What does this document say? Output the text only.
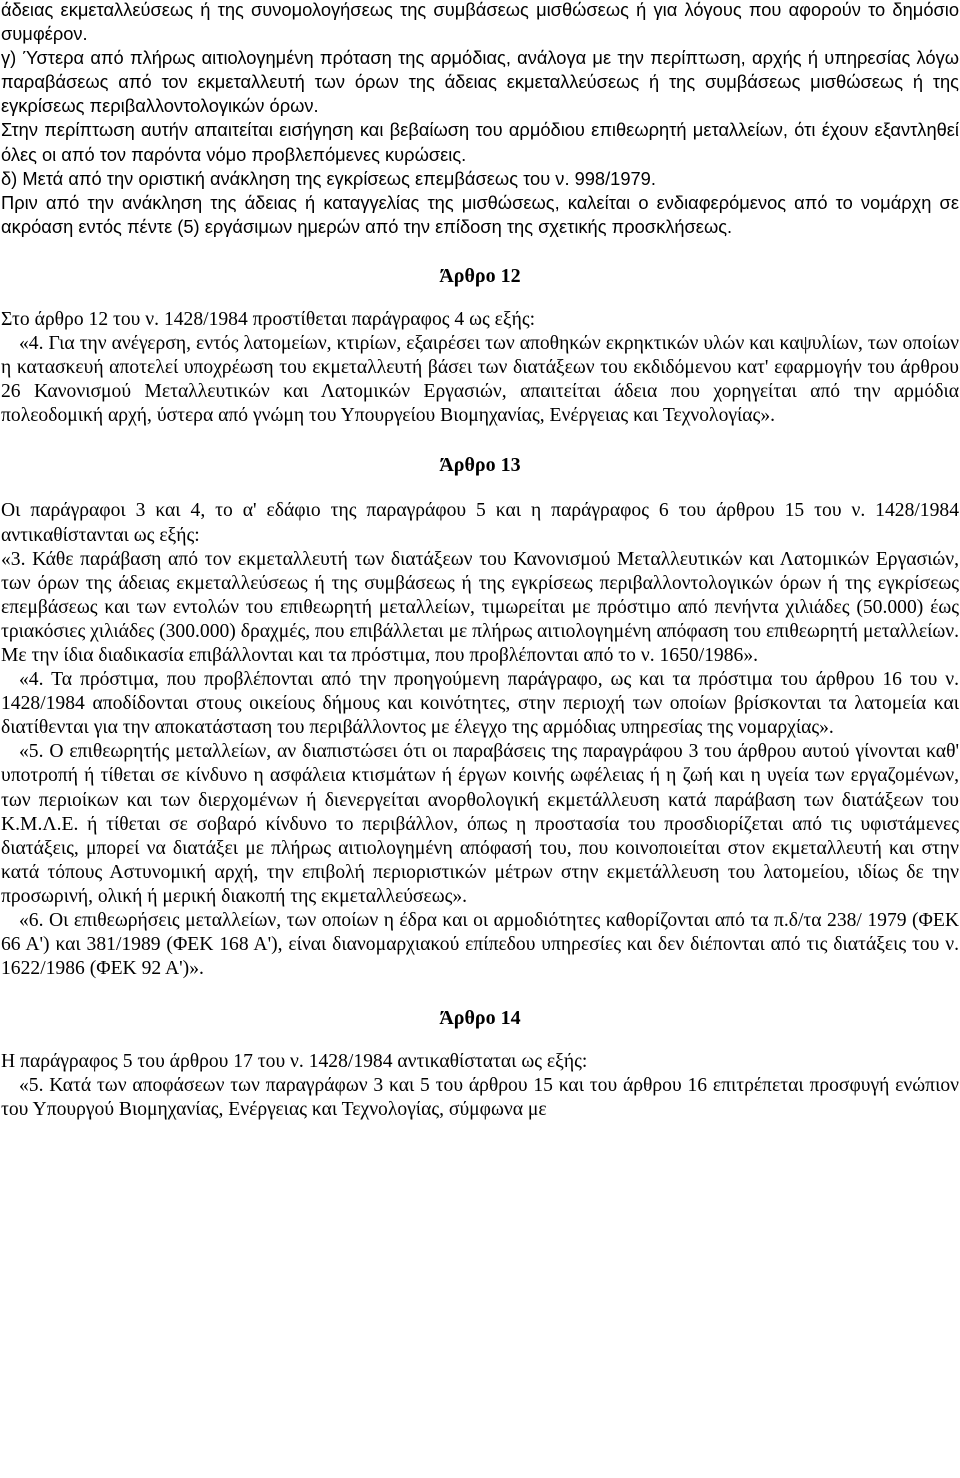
άδειας εκμεταλλεύσεως ή της συνομολογήσεως της συμβάσεως μισθώσεως ή για λόγους που αφορούν το δημόσιο συμφέρον.

γ) Ύστερα από πλήρως αιτιολογημένη πρόταση της αρμόδιας, ανάλογα με την περίπτωση, αρχής ή υπηρεσίας λόγω παραβάσεως από τον εκμεταλλευτή των όρων της άδειας εκμεταλλεύσεως ή της συμβάσεως μισθώσεως ή της εγκρίσεως περιβαλλοντολογικών όρων.

Στην περίπτωση αυτήν απαιτείται εισήγηση και βεβαίωση του αρμόδιου επιθεωρητή μεταλλείων, ότι έχουν εξαντληθεί όλες οι από τον παρόντα νόμο προβλεπόμενες κυρώσεις.

δ) Μετά από την οριστική ανάκληση της εγκρίσεως επεμβάσεως του ν. 998/1979.

Πριν από την ανάκληση της άδειας ή καταγγελίας της μισθώσεως, καλείται ο ενδιαφερόμενος από το νομάρχη σε ακρόαση εντός πέντε (5) εργάσιμων ημερών από την επίδοση της σχετικής προσκλήσεως.

Άρθρο 12

Στο άρθρο 12 του ν. 1428/1984 προστίθεται παράγραφος 4 ως εξής:

«4. Για την ανέγερση, εντός λατομείων, κτιρίων, εξαιρέσει των αποθηκών εκρηκτικών υλών και καψυλίων, των οποίων η κατασκευή αποτελεί υποχρέωση του εκμεταλλευτή βάσει των διατάξεων του εκδιδόμενου κατ' εφαρμογήν του άρθρου 26 Κανονισμού Μεταλλευτικών και Λατομικών Εργασιών, απαιτείται άδεια που χορηγείται από την αρμόδια πολεοδομική αρχή, ύστερα από γνώμη του Υπουργείου Βιομηχανίας, Ενέργειας και Τεχνολογίας».

Άρθρο 13

Οι παράγραφοι 3 και 4, το α' εδάφιο της παραγράφου 5 και η παράγραφος 6 του άρθρου 15 του ν. 1428/1984 αντικαθίστανται ως εξής:

«3. Κάθε παράβαση από τον εκμεταλλευτή των διατάξεων του Κανονισμού Μεταλλευτικών και Λατομικών Εργασιών, των όρων της άδειας εκμεταλλεύσεως ή της συμβάσεως ή της εγκρίσεως περιβαλλοντολογικών όρων ή της εγκρίσεως επεμβάσεως και των εντολών του επιθεωρητή μεταλλείων, τιμωρείται με πρόστιμο από πενήντα χιλιάδες (50.000) έως τριακόσιες χιλιάδες (300.000) δραχμές, που επιβάλλεται με πλήρως αιτιολογημένη απόφαση του επιθεωρητή μεταλλείων. Με την ίδια διαδικασία επιβάλλονται και τα πρόστιμα, που προβλέπονται από το ν. 1650/1986».

«4. Τα πρόστιμα, που προβλέπονται από την προηγούμενη παράγραφο, ως και τα πρόστιμα του άρθρου 16 του ν. 1428/1984 αποδίδονται στους οικείους δήμους και κοινότητες, στην περιοχή των οποίων βρίσκονται τα λατομεία και διατίθενται για την αποκατάσταση του περιβάλλοντος με έλεγχο της αρμόδιας υπηρεσίας της νομαρχίας».

«5. Ο επιθεωρητής μεταλλείων, αν διαπιστώσει ότι οι παραβάσεις της παραγράφου 3 του άρθρου αυτού γίνονται καθ' υποτροπή ή τίθεται σε κίνδυνο η ασφάλεια κτισμάτων ή έργων κοινής ωφέλειας ή η ζωή και η υγεία των εργαζομένων, των περιοίκων και των διερχομένων ή διενεργείται ανορθολογική εκμετάλλευση κατά παράβαση των διατάξεων του Κ.Μ.Λ.Ε. ή τίθεται σε σοβαρό κίνδυνο το περιβάλλον, όπως η προστασία του προσδιορίζεται από τις υφιστάμενες διατάξεις, μπορεί να διατάξει με πλήρως αιτιολογημένη απόφασή του, που κοινοποιείται στον εκμεταλλευτή και στην κατά τόπους Αστυνομική αρχή, την επιβολή περιοριστικών μέτρων στην εκμετάλλευση του λατομείου, ιδίως δε την προσωρινή, ολική ή μερική διακοπή της εκμεταλλεύσεως».

«6. Οι επιθεωρήσεις μεταλλείων, των οποίων η έδρα και οι αρμοδιότητες καθορίζονται από τα π.δ/τα 238/ 1979 (ΦΕΚ 66 Α') και 381/1989 (ΦΕΚ 168 Α'), είναι διανομαρχιακού επίπεδου υπηρεσίες και δεν διέπονται από τις διατάξεις του ν. 1622/1986 (ΦΕΚ 92 Α')».

Άρθρο 14

Η παράγραφος 5 του άρθρου 17 του ν. 1428/1984 αντικαθίσταται ως εξής:

«5. Κατά των αποφάσεων των παραγράφων 3 και 5 του άρθρου 15 και του άρθρου 16 επιτρέπεται προσφυγή ενώπιον του Υπουργού Βιομηχανίας, Ενέργειας και Τεχνολογίας, σύμφωνα με
